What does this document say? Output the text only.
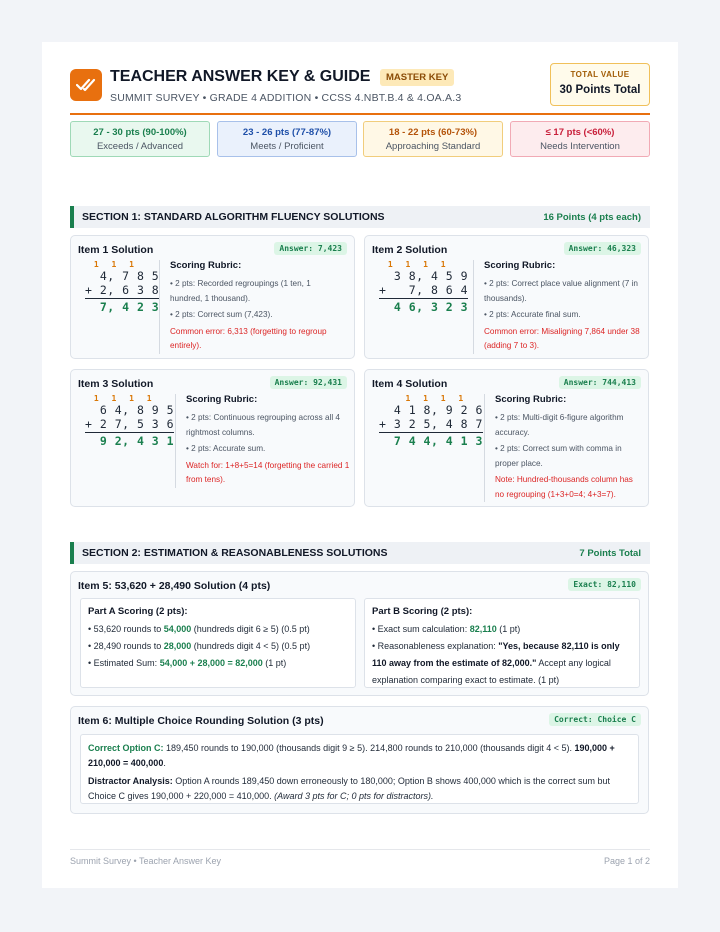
TEACHER ANSWER KEY & GUIDE	MASTER KEY
SUMMIT SURVEY • GRADE 4 ADDITION • CCSS 4.NBT.B.4 & 4.OA.A.3
TOTAL VALUE
30 Points Total
27 - 30 pts (90-100%)
Exceeds / Advanced
23 - 26 pts (77-87%)
Meets / Proficient
18 - 22 pts (60-73%)
Approaching Standard
≤ 17 pts (<60%)
Needs Intervention
SECTION 1: STANDARD ALGORITHM FLUENCY SOLUTIONS	16 Points (4 pts each)
Item 1 Solution	Answer: 7,423
1 1 1
4, 7 8 5
+ 2, 6 3 8
7, 4 2 3
Scoring Rubric:
• 2 pts: Recorded regroupings (1 ten, 1 hundred, 1 thousand).
• 2 pts: Correct sum (7,423).
Common error: 6,313 (forgetting to regroup entirely).
Item 2 Solution	Answer: 46,323
1 1 1 1
3 8, 4 5 9
+   7, 8 6 4
4 6, 3 2 3
Scoring Rubric:
• 2 pts: Correct place value alignment (7 in thousands).
• 2 pts: Accurate final sum.
Common error: Misaligning 7,864 under 38 (adding 7 to 3).
Item 3 Solution	Answer: 92,431
1 1 1 1
6 4, 8 9 5
+ 2 7, 5 3 6
9 2, 4 3 1
Scoring Rubric:
• 2 pts: Continuous regrouping across all 4 rightmost columns.
• 2 pts: Accurate sum.
Watch for: 1+8+5=14 (forgetting the carried 1 from tens).
Item 4 Solution	Answer: 744,413
1 1 1 1
4 1 8, 9 2 6
+ 3 2 5, 4 8 7
7 4 4, 4 1 3
Scoring Rubric:
• 2 pts: Multi-digit 6-figure algorithm accuracy.
• 2 pts: Correct sum with comma in proper place.
Note: Hundred-thousands column has no regrouping (1+3+0=4; 4+3=7).
SECTION 2: ESTIMATION & REASONABLENESS SOLUTIONS	7 Points Total
Item 5: 53,620 + 28,490 Solution (4 pts)	Exact: 82,110
Part A Scoring (2 pts):
• 53,620 rounds to 54,000 (hundreds digit 6 ≥ 5) (0.5 pt)
• 28,490 rounds to 28,000 (hundreds digit 4 < 5) (0.5 pt)
• Estimated Sum: 54,000 + 28,000 = 82,000 (1 pt)
Part B Scoring (2 pts):
• Exact sum calculation: 82,110 (1 pt)
• Reasonableness explanation: "Yes, because 82,110 is only 110 away from the estimate of 82,000." Accept any logical explanation comparing exact to estimate. (1 pt)
Item 6: Multiple Choice Rounding Solution (3 pts)	Correct: Choice C
Correct Option C: 189,450 rounds to 190,000 (thousands digit 9 ≥ 5). 214,800 rounds to 210,000 (thousands digit 4 < 5). 190,000 + 210,000 = 400,000.
Distractor Analysis: Option A rounds 189,450 down erroneously to 180,000; Option B shows 400,000 which is the correct sum but Choice C gives 190,000 + 220,000 = 410,000. (Award 3 pts for C; 0 pts for distractors).
Summit Survey • Teacher Answer Key	Page 1 of 2
